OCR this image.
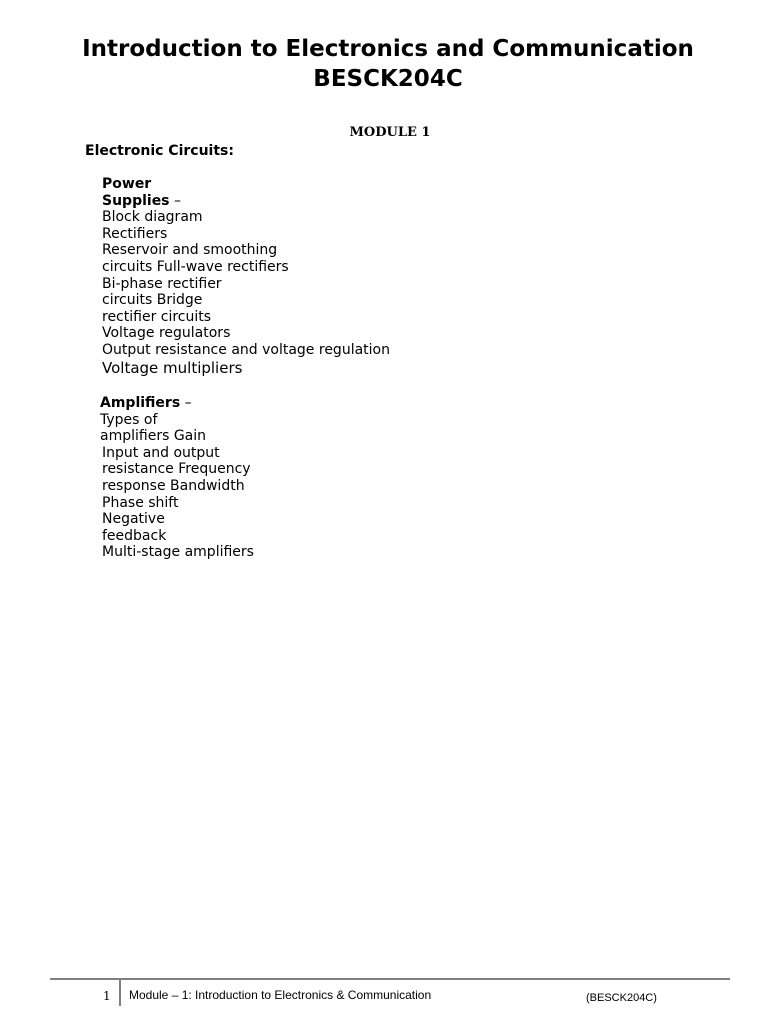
Introduction to Electronics and Communication
BESCK204C

MODULE 1

Electronic Circuits:

Power
Supplies –
Block diagram
Rectifiers
Reservoir and smoothing
circuits Full-wave rectifiers
Bi-phase rectifier
circuits Bridge
rectifier circuits
Voltage regulators
Output resistance and voltage regulation
Voltage multipliers
Amplifiers –
Types of
amplifiers Gain
Input and output
resistance Frequency
response Bandwidth
Phase shift
Negative
feedback
Multi-stage amplifiers
1 Module – 1: Introduction to Electronics & Communication	(BESCK204C)
